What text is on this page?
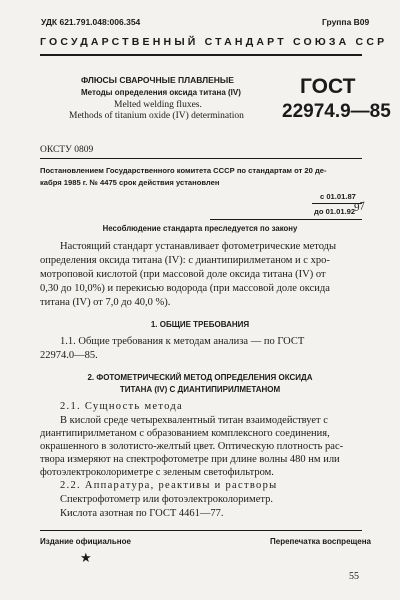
УДК 621.791.048:006.354	Группа В09
ГОСУДАРСТВЕННЫЙ СТАНДАРТ СОЮЗА ССР
ФЛЮСЫ СВАРОЧНЫЕ ПЛАВЛЕНЫЕ
Методы определения оксида титана (IV)
Melted welding fluxes.
Methods of titanium oxide (IV) determination
ГОСТ
22974.9—85
ОКСТУ 0809
Постановлением Государственного комитета СССР по стандартам от 20 де-
кабря 1985 г. № 4475 срок действия установлен
с 01.01.87
до 01.01.92
97
Несоблюдение стандарта преследуется по закону
Настоящий стандарт устанавливает фотометрические методы
определения оксида титана (IV): с диантипирилметаном и с хро-
мотроповой кислотой (при массовой доле оксида титана (IV) от
0,30 до 10,0%) и перекисью водорода (при массовой доле оксида
титана (IV) от 7,0 до 40,0 %).
1. ОБЩИЕ ТРЕБОВАНИЯ
1.1. Общие требования к методам анализа — по ГОСТ
22974.0—85.
2. ФОТОМЕТРИЧЕСКИЙ МЕТОД ОПРЕДЕЛЕНИЯ ОКСИДА
ТИТАНА (IV) С ДИАНТИПИРИЛМЕТАНОМ
2.1. Сущность метода
В кислой среде четырехвалентный титан взаимодействует с
диантипирилметаном с образованием комплексного соединения,
окрашенного в золотисто-желтый цвет. Оптическую плотность рас-
твора измеряют на спектрофотометре при длине волны 480 нм или
фотоэлектроколориметре с зеленым светофильтром.
2.2. Аппаратура, реактивы и растворы
Спектрофотометр или фотоэлектроколориметр.
Кислота азотная по ГОСТ 4461—77.
Издание официальное	Перепечатка воспрещена
★
55
